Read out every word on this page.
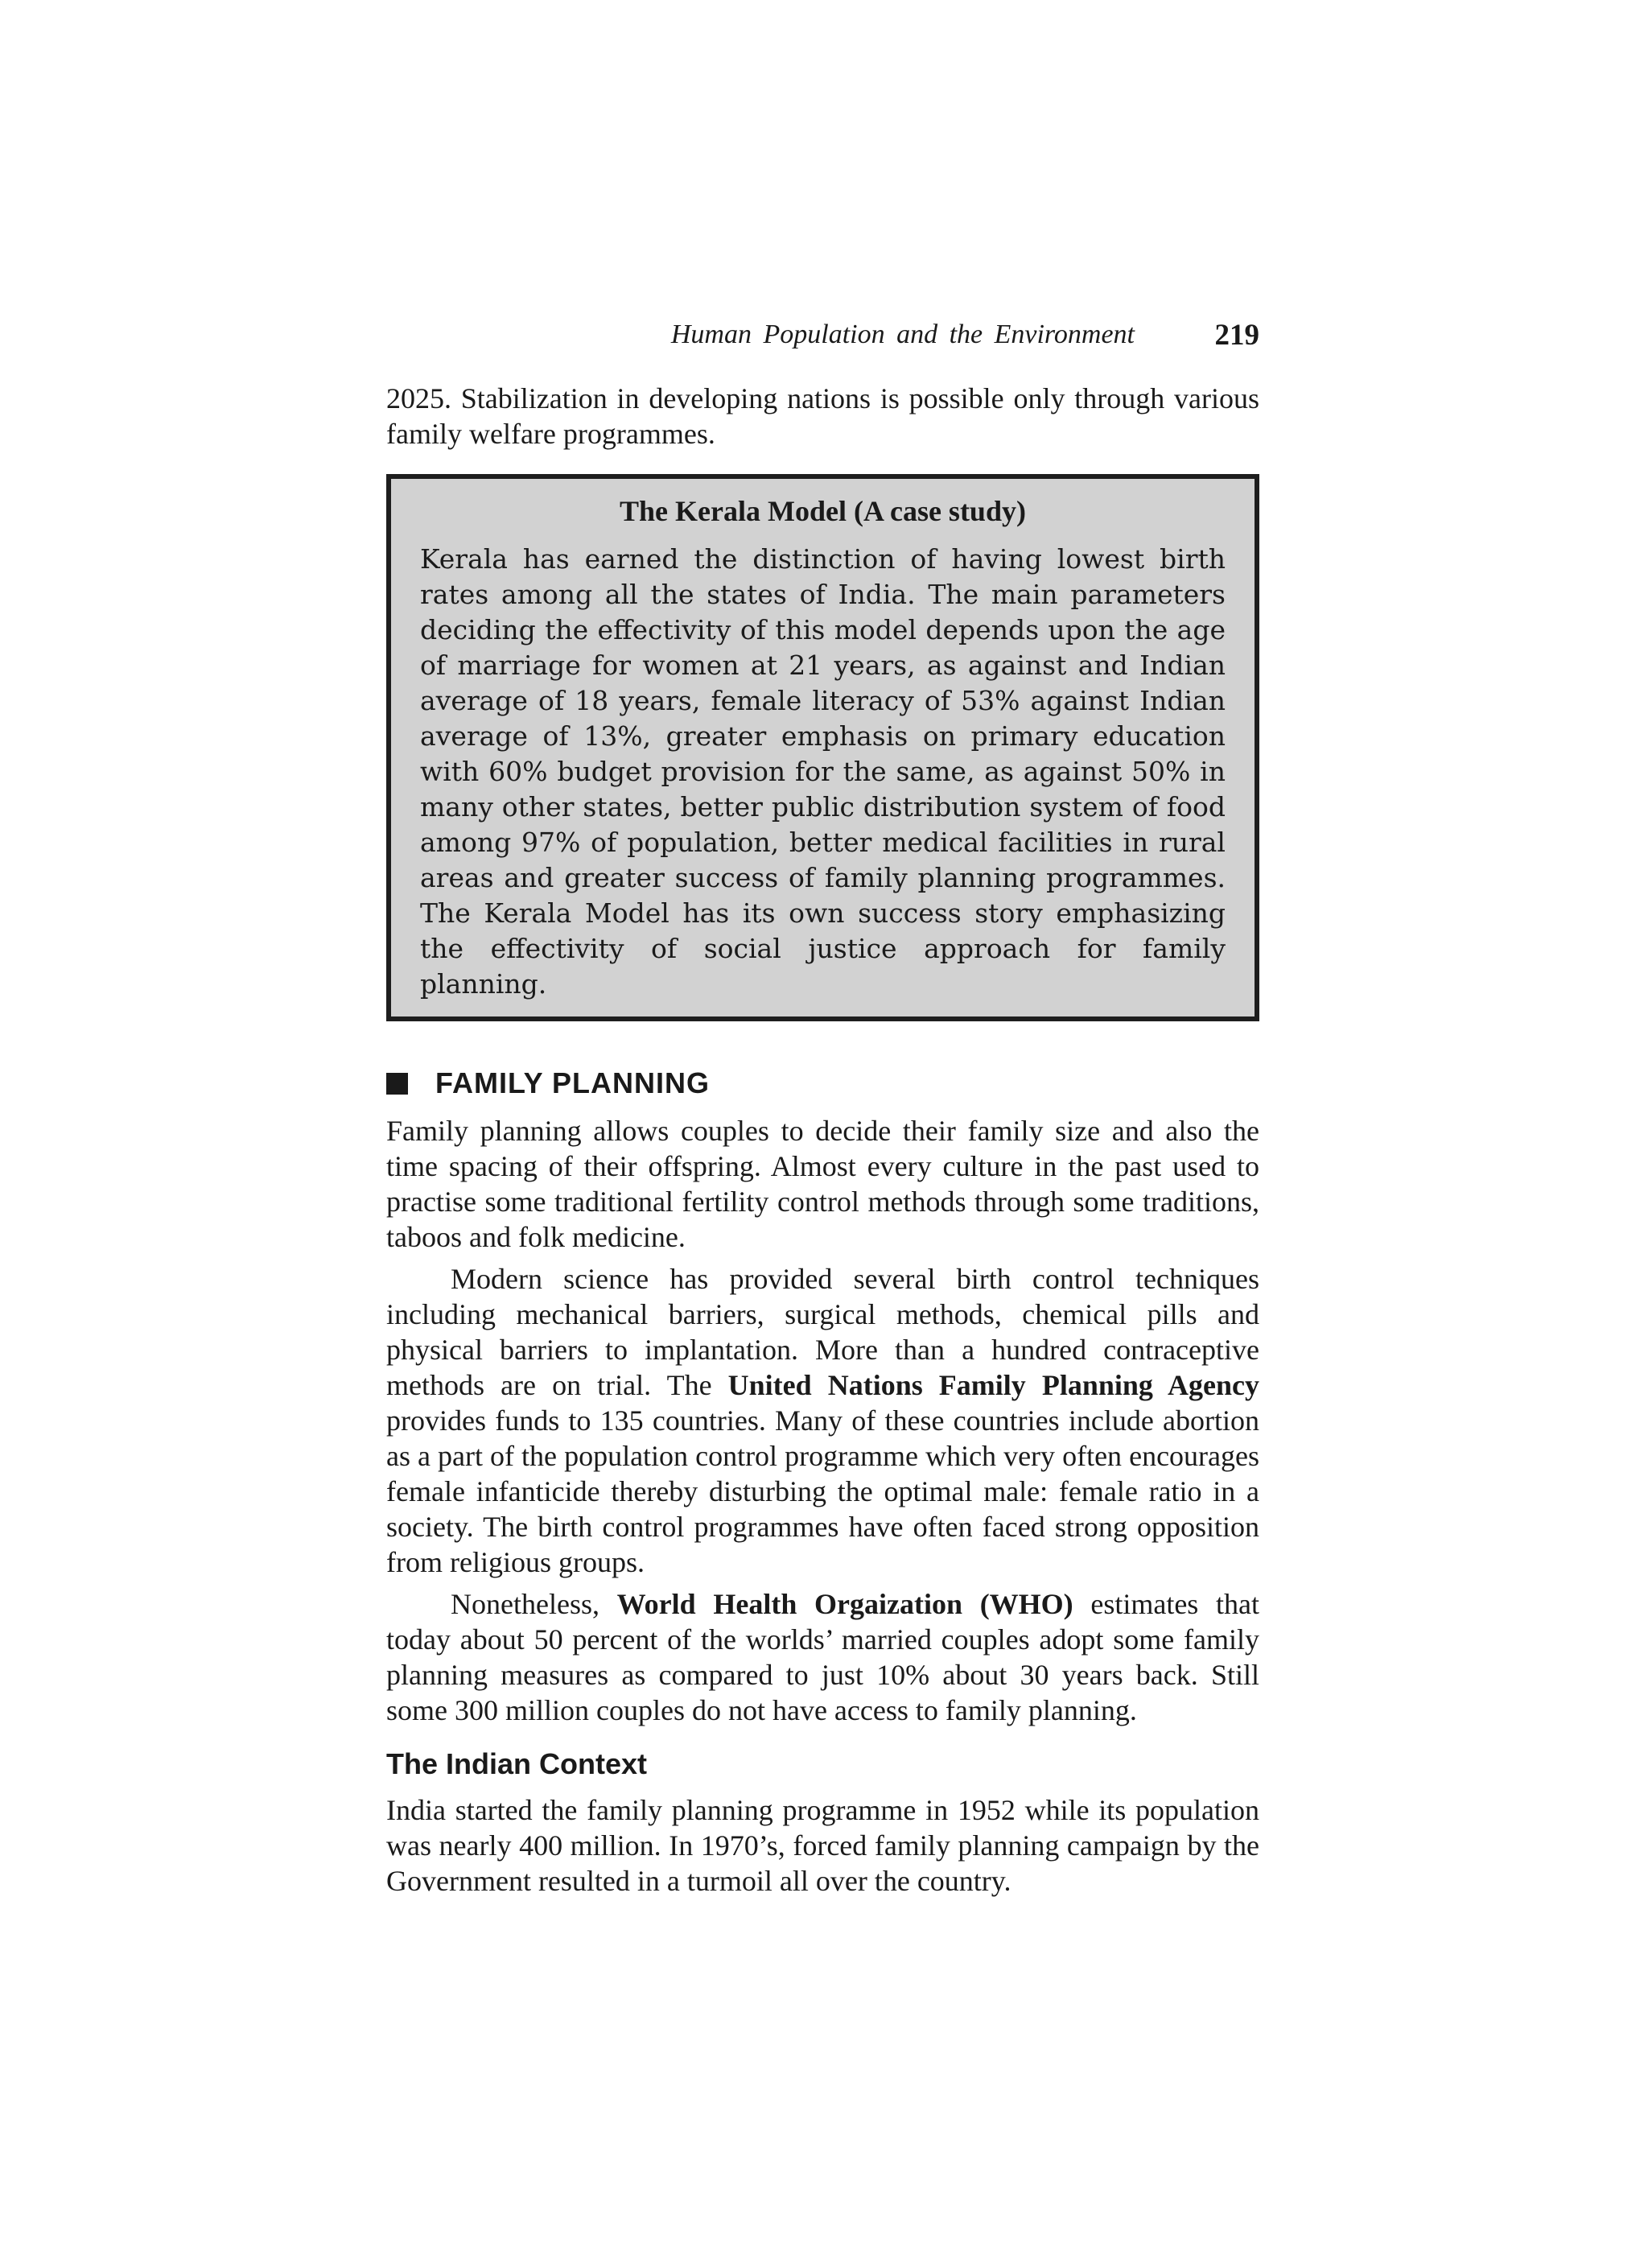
Human Population and the Environment	219

2025. Stabilization in developing nations is possible only through various family welfare programmes.

The Kerala Model (A case study)

Kerala has earned the distinction of having lowest birth rates among all the states of India. The main parameters deciding the effectivity of this model depends upon the age of marriage for women at 21 years, as against and Indian average of 18 years, female literacy of 53% against Indian average of 13%, greater emphasis on primary education with 60% budget provision for the same, as against 50% in many other states, better public distribution system of food among 97% of population, better medical facilities in rural areas and greater success of family planning programmes. The Kerala Model has its own success story emphasizing the effectivity of social justice approach for family planning.

FAMILY PLANNING

Family planning allows couples to decide their family size and also the time spacing of their offspring. Almost every culture in the past used to practise some traditional fertility control methods through some traditions, taboos and folk medicine.

Modern science has provided several birth control techniques including mechanical barriers, surgical methods, chemical pills and physical barriers to implantation. More than a hundred contraceptive methods are on trial. The United Nations Family Planning Agency provides funds to 135 countries. Many of these countries include abortion as a part of the population control programme which very often encourages female infanticide thereby disturbing the optimal male: female ratio in a society. The birth control programmes have often faced strong opposition from religious groups.

Nonetheless, World Health Orgaization (WHO) estimates that today about 50 percent of the worlds’ married couples adopt some family planning measures as compared to just 10% about 30 years back. Still some 300 million couples do not have access to family planning.

The Indian Context

India started the family planning programme in 1952 while its population was nearly 400 million. In 1970’s, forced family planning campaign by the Government resulted in a turmoil all over the country.
